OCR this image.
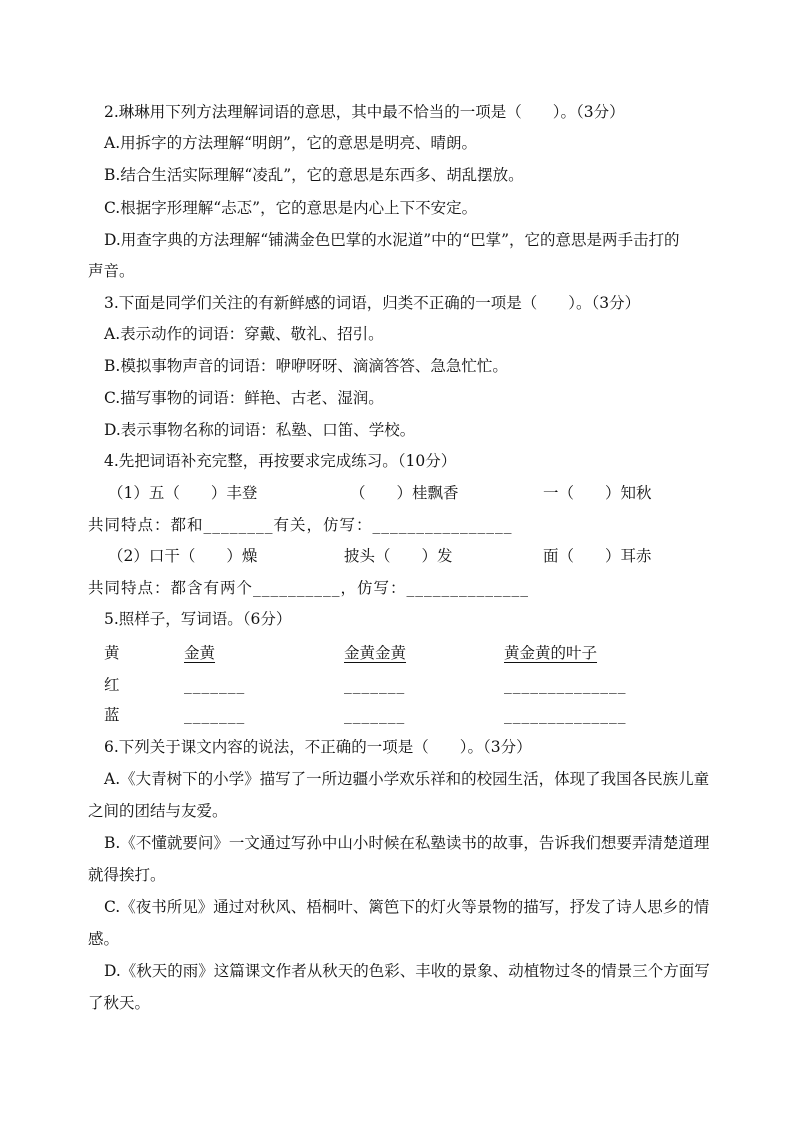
2.琳琳用下列方法理解词语的意思，其中最不恰当的一项是（　　）。（3分）
A.用拆字的方法理解“明朗”，它的意思是明亮、晴朗。
B.结合生活实际理解“凌乱”，它的意思是东西多、胡乱摆放。
C.根据字形理解“忐忑”，它的意思是内心上下不安定。
D.用查字典的方法理解“铺满金色巴掌的水泥道”中的“巴掌”，它的意思是两手击打的
声音。
3.下面是同学们关注的有新鲜感的词语，归类不正确的一项是（　　）。（3分）
A.表示动作的词语：穿戴、敬礼、招引。
B.模拟事物声音的词语：咿咿呀呀、滴滴答答、急急忙忙。
C.描写事物的词语：鲜艳、古老、湿润。
D.表示事物名称的词语：私塾、口笛、学校。
4.先把词语补充完整，再按要求完成练习。（10分）
（1）五（　　）丰登	（　　）桂飘香	一（　　）知秋
共同特点：都和________有关，仿写：________________
（2）口干（　　）燥	披头（　　）发	面（　　）耳赤
共同特点：都含有两个__________，仿写：______________
5.照样子，写词语。（6分）
黄	金黄	金黄金黄	黄金黄的叶子
红	_______	_______	______________
蓝	_______	_______	______________
6.下列关于课文内容的说法，不正确的一项是（　　）。（3分）
A.《大青树下的小学》描写了一所边疆小学欢乐祥和的校园生活，体现了我国各民族儿童
之间的团结与友爱。
B.《不懂就要问》一文通过写孙中山小时候在私塾读书的故事，告诉我们想要弄清楚道理
就得挨打。
C.《夜书所见》通过对秋风、梧桐叶、篱笆下的灯火等景物的描写，抒发了诗人思乡的情
感。
D.《秋天的雨》这篇课文作者从秋天的色彩、丰收的景象、动植物过冬的情景三个方面写
了秋天。
